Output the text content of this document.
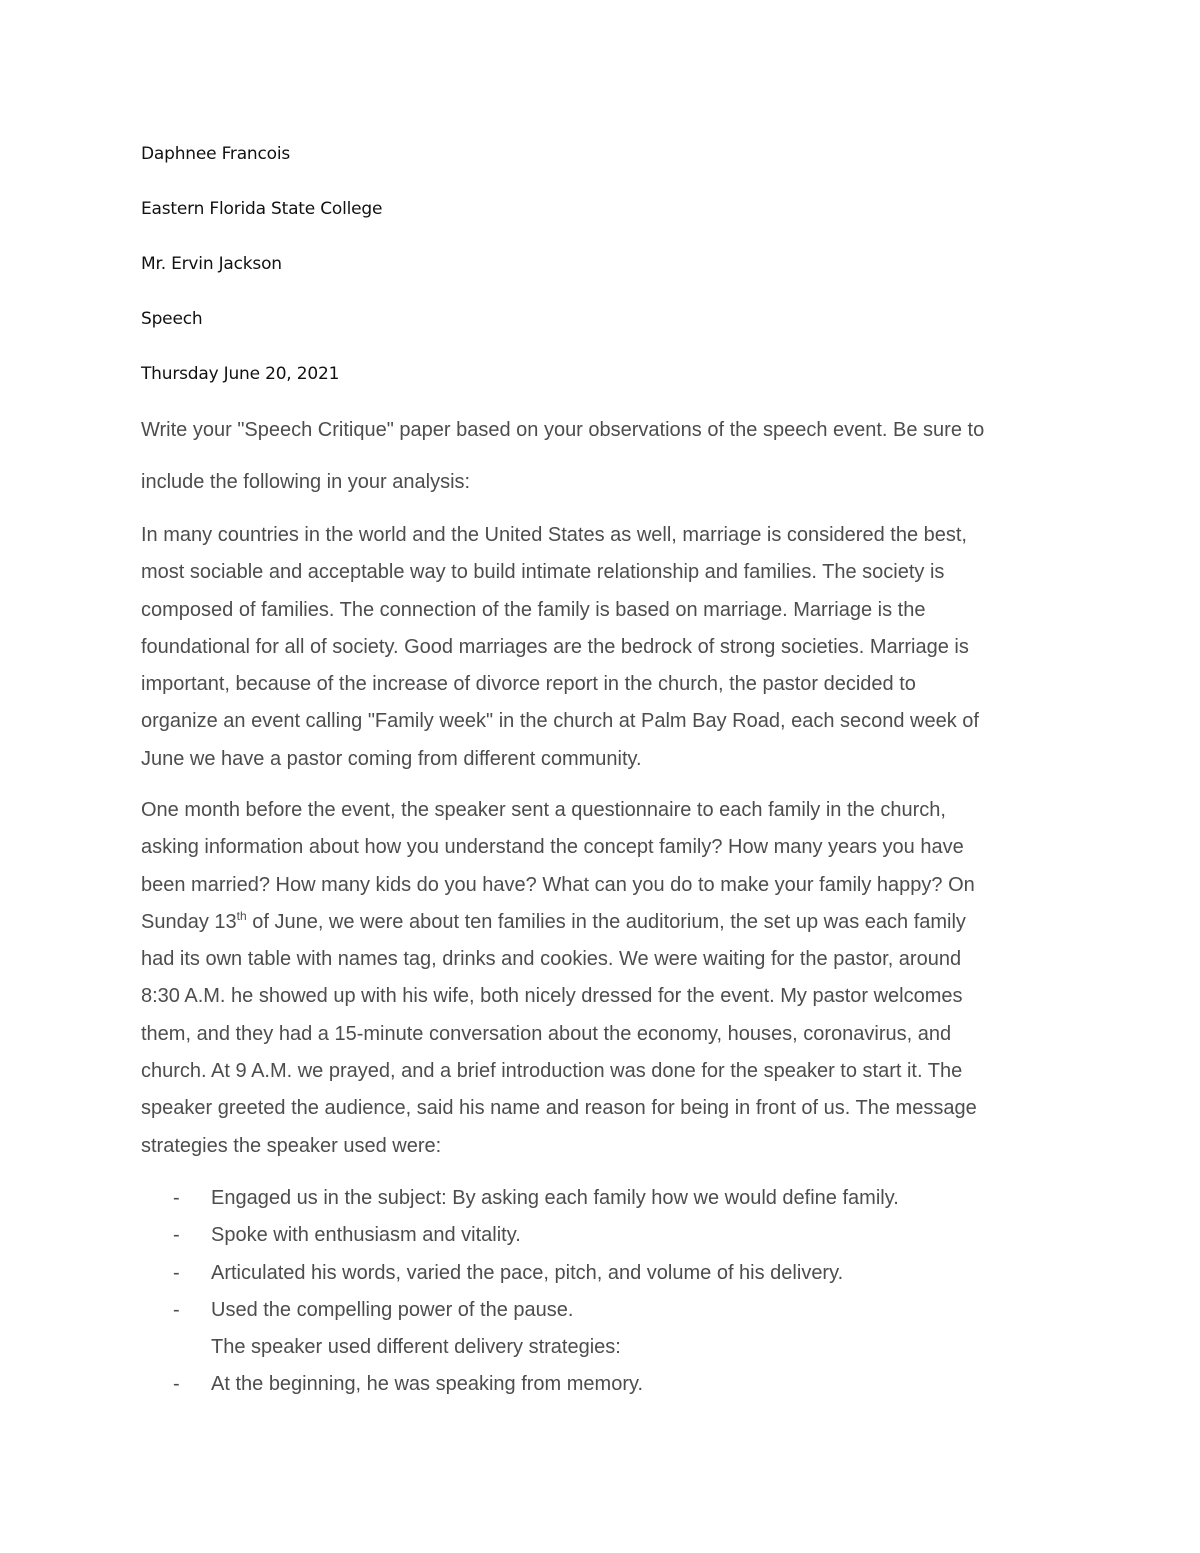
Daphnee Francois
Eastern Florida State College
Mr. Ervin Jackson
Speech
Thursday June 20, 2021
Write your "Speech Critique" paper based on your observations of the speech event. Be sure to
include the following in your analysis:
In many countries in the world and the United States as well, marriage is considered the best,
most sociable and acceptable way to build intimate relationship and families. The society is
composed of families. The connection of the family is based on marriage. Marriage is the
foundational for all of society. Good marriages are the bedrock of strong societies. Marriage is
important, because of the increase of divorce report in the church, the pastor decided to
organize an event calling "Family week" in the church at Palm Bay Road, each second week of
June we have a pastor coming from different community.
One month before the event, the speaker sent a questionnaire to each family in the church,
asking information about how you understand the concept family? How many years you have
been married? How many kids do you have? What can you do to make your family happy? On
Sunday 13th of June, we were about ten families in the auditorium, the set up was each family
had its own table with names tag, drinks and cookies. We were waiting for the pastor, around
8:30 A.M. he showed up with his wife, both nicely dressed for the event. My pastor welcomes
them, and they had a 15-minute conversation about the economy, houses, coronavirus, and
church. At 9 A.M. we prayed, and a brief introduction was done for the speaker to start it. The
speaker greeted the audience, said his name and reason for being in front of us. The message
strategies the speaker used were:
- Engaged us in the subject: By asking each family how we would define family.
- Spoke with enthusiasm and vitality.
- Articulated his words, varied the pace, pitch, and volume of his delivery.
- Used the compelling power of the pause.
The speaker used different delivery strategies:
- At the beginning, he was speaking from memory.
